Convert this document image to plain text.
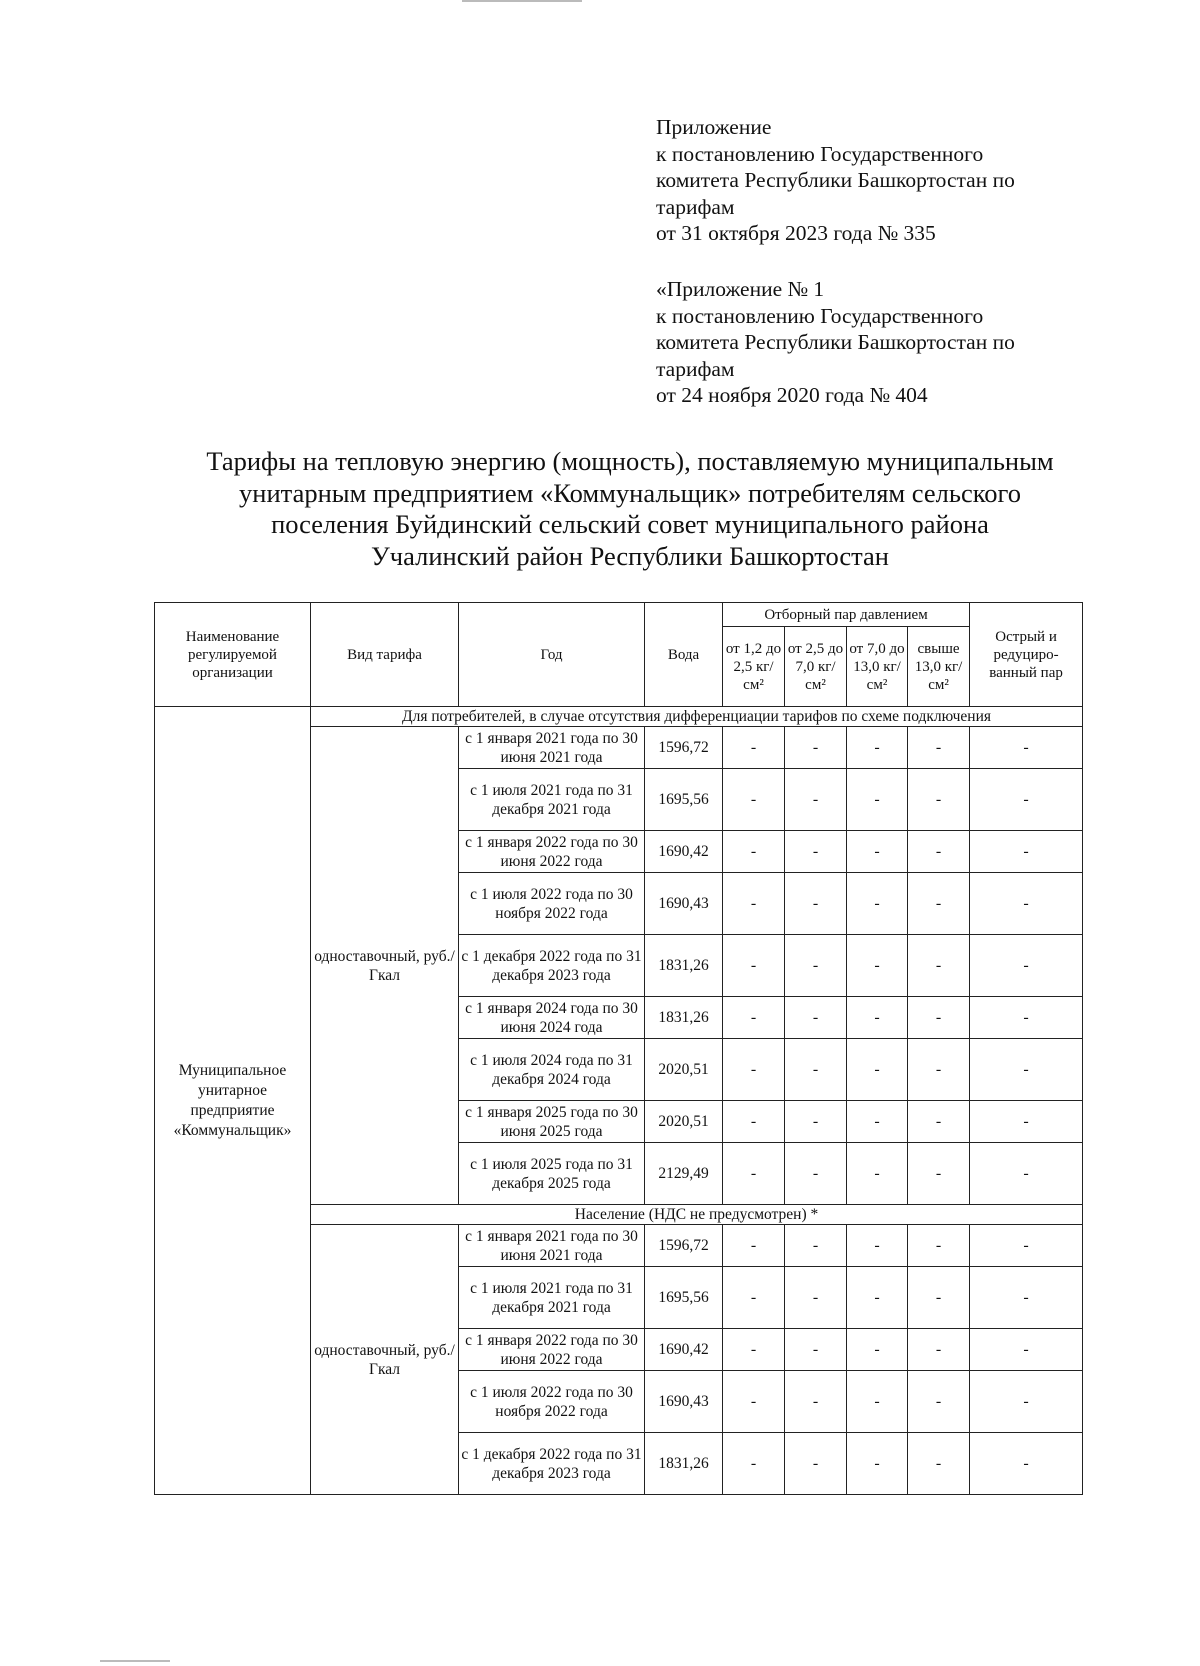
Приложение
к постановлению Государственного
комитета Республики Башкортостан по
тарифам
от 31 октября 2023 года № 335
«Приложение № 1
к постановлению Государственного
комитета Республики Башкортостан по
тарифам
от 24 ноября 2020 года № 404
Тарифы на тепловую энергию (мощность), поставляемую муниципальным
унитарным предприятием «Коммунальщик» потребителям сельского
поселения Буйдинский сельский совет муниципального района
Учалинский район Республики Башкортостан
Наименование регулируемой организации	Вид тарифа	Год	Вода	Отборный пар давлением				Острый и редуциро-ванный пар
				от 1,2 до 2,5 кг/см²	от 2,5 до 7,0 кг/см²	от 7,0 до 13,0 кг/см²	свыше 13,0 кг/см²	
Муниципальное унитарное предприятие «Коммунальщик»	Для потребителей, в случае отсутствия дифференциации тарифов по схеме подключения							
	одноставочный, руб./Гкал	с 1 января 2021 года по 30 июня 2021 года	1596,72	-	-	-	-	-
		с 1 июля 2021 года по 31 декабря 2021 года	1695,56	-	-	-	-	-
		с 1 января 2022 года по 30 июня 2022 года	1690,42	-	-	-	-	-
		с 1 июля 2022 года по 30 ноября 2022 года	1690,43	-	-	-	-	-
		с 1 декабря 2022 года по 31 декабря 2023 года	1831,26	-	-	-	-	-
		с 1 января 2024 года по 30 июня 2024 года	1831,26	-	-	-	-	-
		с 1 июля 2024 года по 31 декабря 2024 года	2020,51	-	-	-	-	-
		с 1 января 2025 года по 30 июня 2025 года	2020,51	-	-	-	-	-
		с 1 июля 2025 года по 31 декабря 2025 года	2129,49	-	-	-	-	-
	Население (НДС не предусмотрен) *							
	одноставочный, руб./Гкал	с 1 января 2021 года по 30 июня 2021 года	1596,72	-	-	-	-	-
		с 1 июля 2021 года по 31 декабря 2021 года	1695,56	-	-	-	-	-
		с 1 января 2022 года по 30 июня 2022 года	1690,42	-	-	-	-	-
		с 1 июля 2022 года по 30 ноября 2022 года	1690,43	-	-	-	-	-
		с 1 декабря 2022 года по 31 декабря 2023 года	1831,26	-	-	-	-	-
